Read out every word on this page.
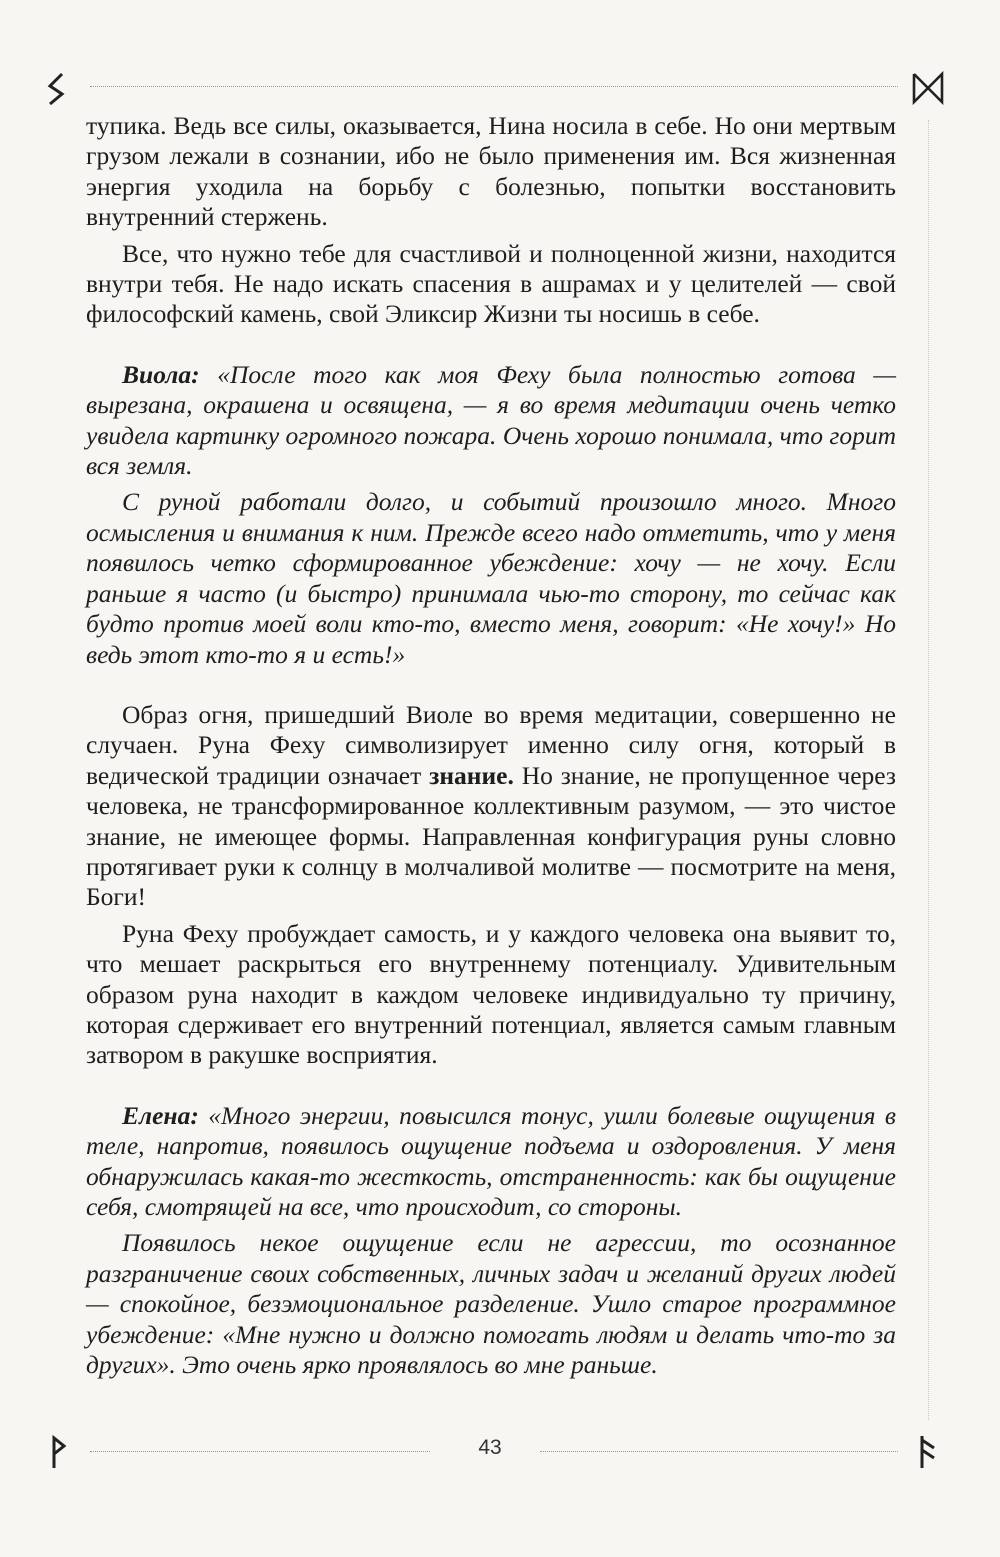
43

тупика. Ведь все силы, оказывается, Нина носила в себе. Но они мертвым грузом лежали в сознании, ибо не было применения им. Вся жизненная энергия уходила на борьбу с болезнью, попытки восстановить внутренний стержень.

Все, что нужно тебе для счастливой и полноценной жизни, находится внутри тебя. Не надо искать спасения в ашрамах и у целителей — свой философский камень, свой Эликсир Жизни ты носишь в себе.

Виола: «После того как моя Феху была полностью готова — вырезана, окрашена и освящена, — я во время медитации очень четко увидела картинку огромного пожара. Очень хорошо понимала, что горит вся земля.

С руной работали долго, и событий произошло много. Много осмысления и внимания к ним. Прежде всего надо отметить, что у меня появилось четко сформированное убеждение: хочу — не хочу. Если раньше я часто (и быстро) принимала чью-то сторону, то сейчас как будто против моей воли кто-то, вместо меня, говорит: «Не хочу!» Но ведь этот кто-то я и есть!»

Образ огня, пришедший Виоле во время медитации, совершенно не случаен. Руна Феху символизирует именно силу огня, который в ведической традиции означает знание. Но знание, не пропущенное через человека, не трансформированное коллективным разумом, — это чистое знание, не имеющее формы. Направленная конфигурация руны словно протягивает руки к солнцу в молчаливой молитве — посмотрите на меня, Боги!

Руна Феху пробуждает самость, и у каждого человека она выявит то, что мешает раскрыться его внутреннему потенциалу. Удивительным образом руна находит в каждом человеке индивидуально ту причину, которая сдерживает его внутренний потенциал, является самым главным затвором в ракушке восприятия.

Елена: «Много энергии, повысился тонус, ушли болевые ощущения в теле, напротив, появилось ощущение подъема и оздоровления. У меня обнаружилась какая-то жесткость, отстраненность: как бы ощущение себя, смотрящей на все, что происходит, со стороны.

Появилось некое ощущение если не агрессии, то осознанное разграничение своих собственных, личных задач и желаний других людей — спокойное, безэмоциональное разделение. Ушло старое программное убеждение: «Мне нужно и должно помогать людям и делать что-то за других». Это очень ярко проявлялось во мне раньше.
